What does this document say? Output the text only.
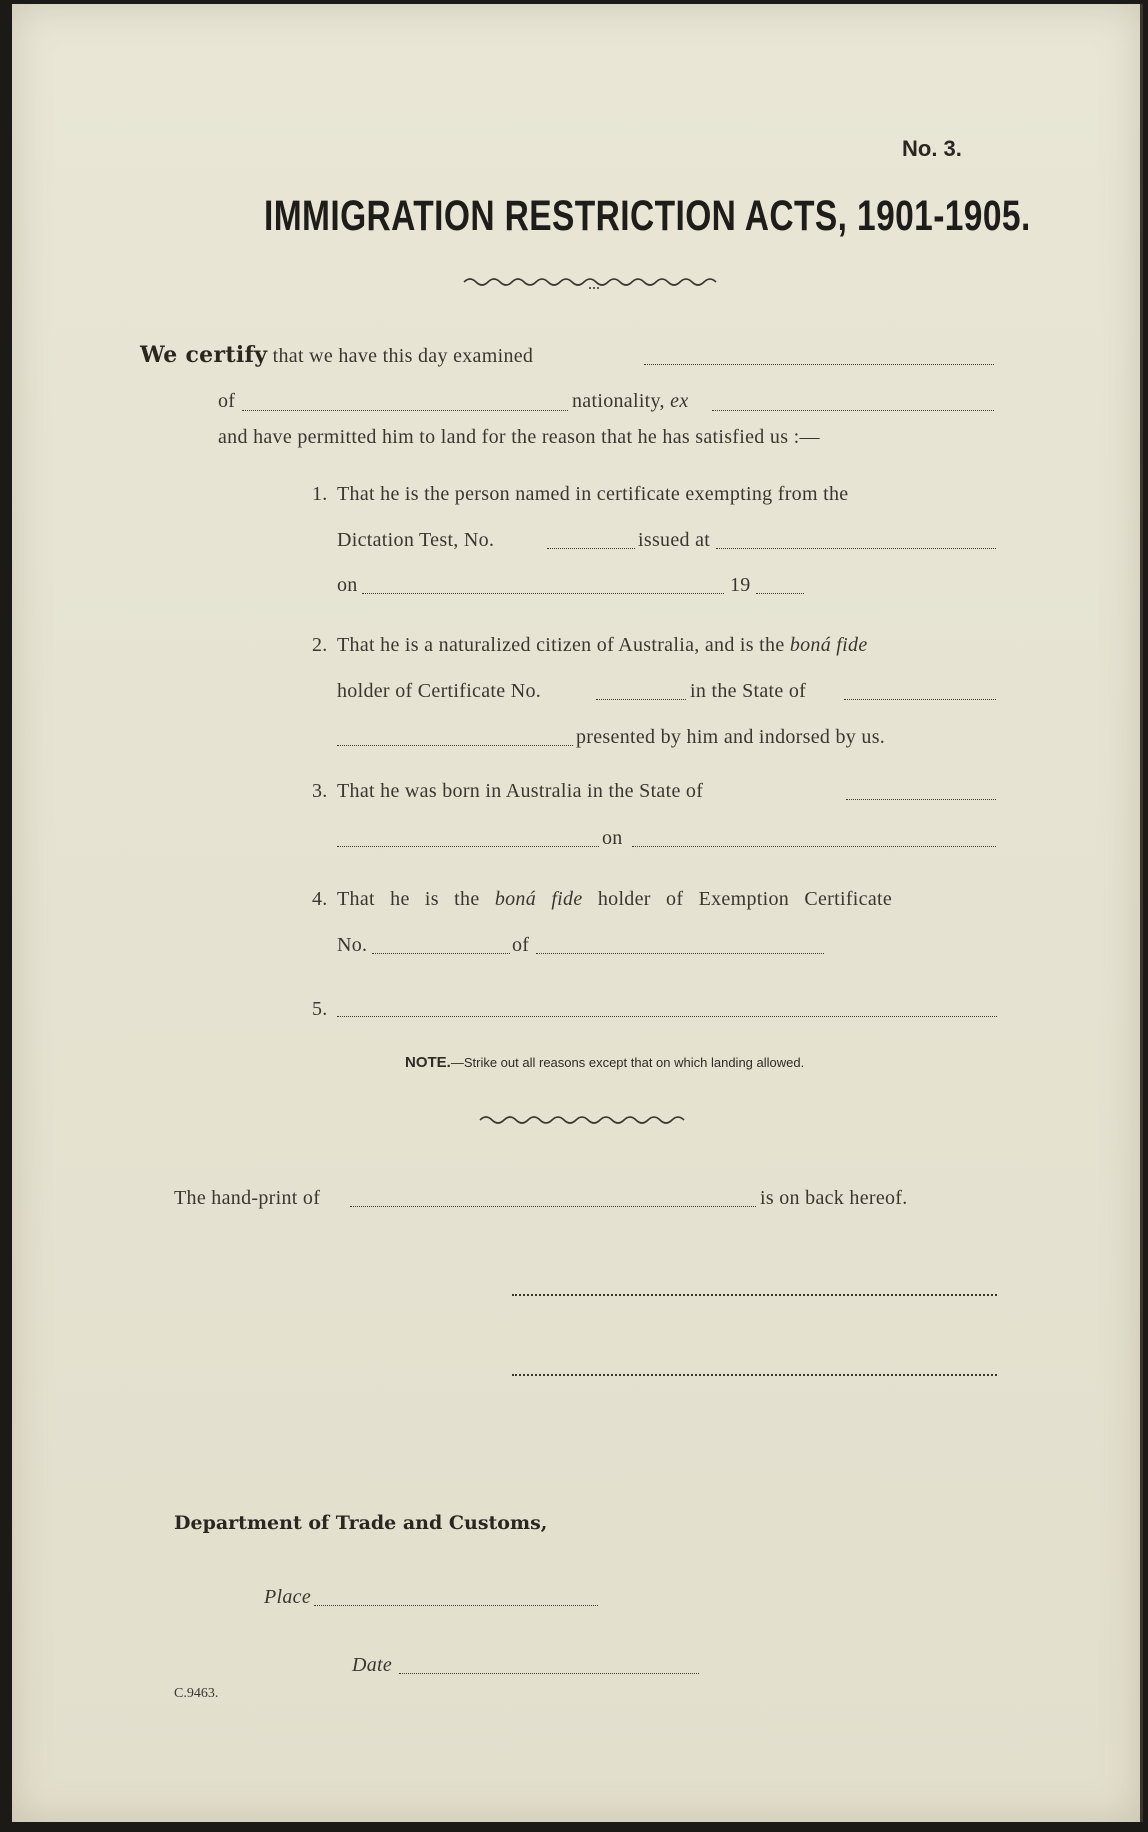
No. 3.
IMMIGRATION RESTRICTION ACTS, 1901-1905.
We certify that we have this day examined
of	nationality, ex
and have permitted him to land for the reason that he has satisfied us :—
1. That he is the person named in certificate exempting from the
Dictation Test, No.	issued at
on	19
2. That he is a naturalized citizen of Australia, and is the boná fide
holder of Certificate No.	in the State of
presented by him and indorsed by us.
3. That he was born in Australia in the State of
on
4. That he is the boná fide holder of Exemption Certificate
No.	of
5.
NOTE.—Strike out all reasons except that on which landing allowed.
The hand-print of	is on back hereof.
Department of Trade and Customs,
Place
Date
C.9463.
